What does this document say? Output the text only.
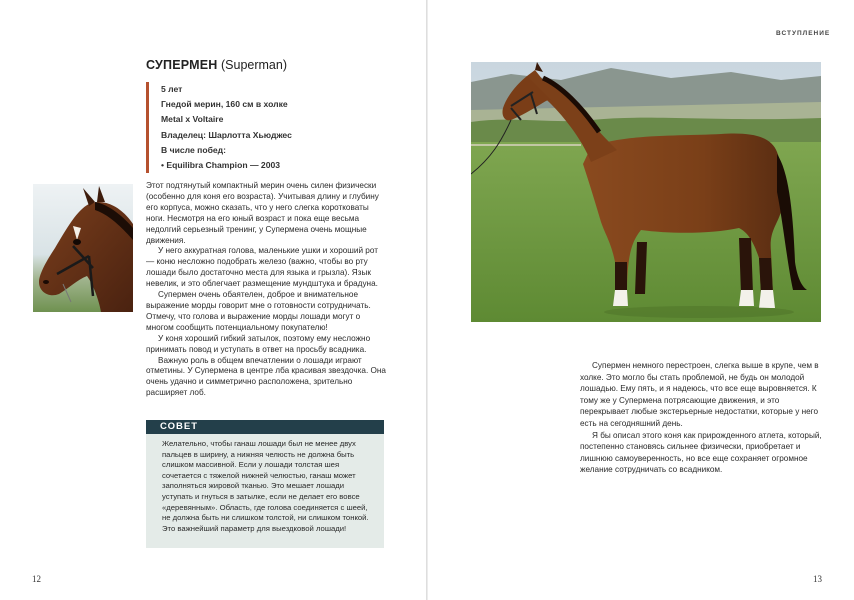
СУПЕРМЕН (Superman)
5 лет
Гнедой мерин, 160 см в холке
Metal x Voltaire
Владелец: Шарлотта Хьюджес
В числе побед:
• Equilibra Champion — 2003

Этот подтянутый компактный мерин очень силен физически (особенно для коня его возраста). Учитывая длину и глубину его корпуса, можно сказать, что у него слегка коротковаты ноги. Несмотря на его юный возраст и пока еще весьма недолгий серьезный тренинг, у Супермена очень мощные движения.

У него аккуратная голова, маленькие ушки и хороший рот — коню несложно подобрать железо (важно, чтобы во рту лошади было достаточно места для языка и грызла). Язык невелик, и это облегчает размещение мундштука и брадуна.

Супермен очень обаятелен, доброе и внимательное выражение морды говорит мне о готовности сотрудничать. Отмечу, что голова и выражение морды лошади могут о многом сообщить потенциальному покупателю!

У коня хороший гибкий затылок, поэтому ему несложно принимать повод и уступать в ответ на просьбу всадника.

Важную роль в общем впечатлении о лошади играют отметины. У Супермена в центре лба красивая звездочка. Она очень удачно и симметрично расположена, зрительно расширяет лоб.

СОВЕТ

Желательно, чтобы ганаш лошади был не менее двух пальцев в ширину, а нижняя челюсть не должна быть слишком массивной. Если у лошади толстая шея сочетается с тяжелой нижней челюстью, ганаш может заполняться жировой тканью. Это мешает лошади уступать и гнуться в затылке, если не делает его вовсе «деревянным». Область, где голова соединяется с шеей, не должна быть ни слишком толстой, ни слишком тонкой. Это важнейший параметр для выездковой лошади!

12
ВСТУПЛЕНИЕ

Супермен немного перестроен, слегка выше в крупе, чем в холке. Это могло бы стать проблемой, не будь он молодой лошадью. Ему пять, и я надеюсь, что все еще выровняется. К тому же у Супермена потрясающие движения, и это перекрывает любые экстерьерные недостатки, которые у него есть на сегодняшний день.

Я бы описал этого коня как прирожденного атлета, который, постепенно становясь сильнее физически, приобретает и лишнюю самоуверенность, но все еще сохраняет огромное желание сотрудничать со всадником.

13
